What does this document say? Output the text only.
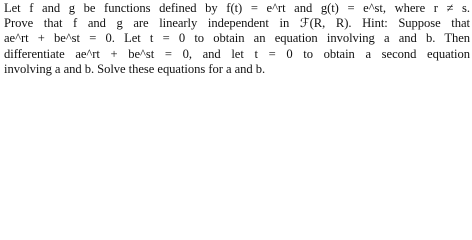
Let f and g be functions defined by f(t) = e^rt and g(t) = e^st, where r ≠ s.
Prove that f and g are linearly independent in ℱ(R, R). Hint: Suppose that
ae^rt + be^st = 0. Let t = 0 to obtain an equation involving a and b. Then
differentiate ae^rt + be^st = 0, and let t = 0 to obtain a second equation
involving a and b. Solve these equations for a and b.
